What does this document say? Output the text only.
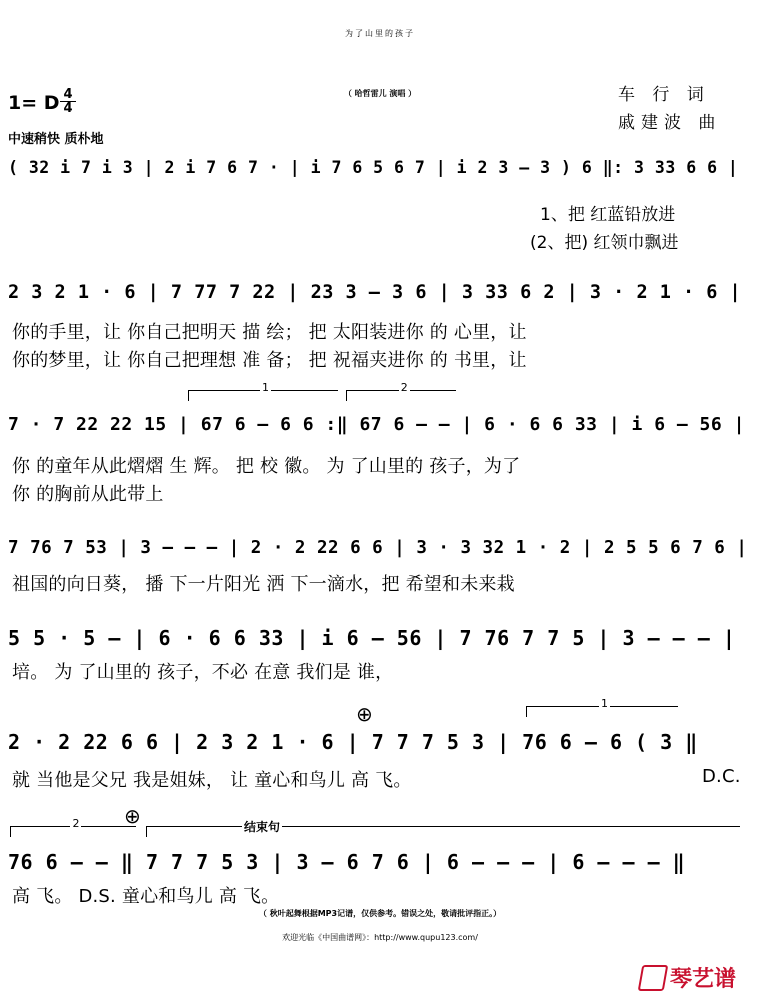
为了山里的孩子
（ 哈哲雷儿 演唱 ）	车 行 词
戚建波 曲
1= D 4
4
中速稍快 质朴地
( 32 i 7 i 3 | 2 i 7 6 7 · | i 7 6 5 6 7 | i 2 3 – 3 ) 6 ‖: 3 33 6 6 |
1、把 红蓝铅放进
(2、把) 红领巾飘进
2 3 2 1 · 6 | 7 77 7 22 | 23 3 – 3 6 | 3 33 6 2 | 3 · 2 1 · 6 |
你的手里，让 你自己把明天 描 绘； 把 太阳装进你 的 心里，让
你的梦里，让 你自己把理想 准 备； 把 祝福夹进你 的 书里，让
1	2
7 · 7 22 22 15 | 67 6 – 6 6 :‖ 67 6 – – | 6 · 6 6 33 | i 6 – 56 |
你 的童年从此熠熠 生 辉。 把 校 徽。 为 了山里的 孩子，为了
你 的胸前从此带上
7 76 7 53 | 3 – – – | 2 · 2 22 6 6 | 3 · 3 32 1 · 2 | 2 5 5 6 7 6 |
祖国的向日葵， 播 下一片阳光 洒 下一滴水，把 希望和未来栽
5 5 · 5 – | 6 · 6 6 33 | i 6 – 56 | 7 76 7 7 5 | 3 – – – |
培。 为 了山里的 孩子，不必 在意 我们是 谁，
⊕	1
2 · 2 22 6 6 | 2 3 2 1 · 6 | 7 7 7 5 3 | 76 6 – 6 ( 3 ‖
就 当他是父兄 我是姐妹， 让 童心和鸟儿 高 飞。	D.C.
⊕
2	结束句
76 6 – – ‖ 7 7 7 5 3 | 3 – 6 7 6 | 6 – – – | 6 – – – ‖
高 飞。 D.S. 童心和鸟儿 高 飞。
（ 秋叶起舞根据MP3记谱，仅供参考。错误之处，敬请批评指正。）
欢迎光临《中国曲谱网》：http://www.qupu123.com/
琴艺谱
